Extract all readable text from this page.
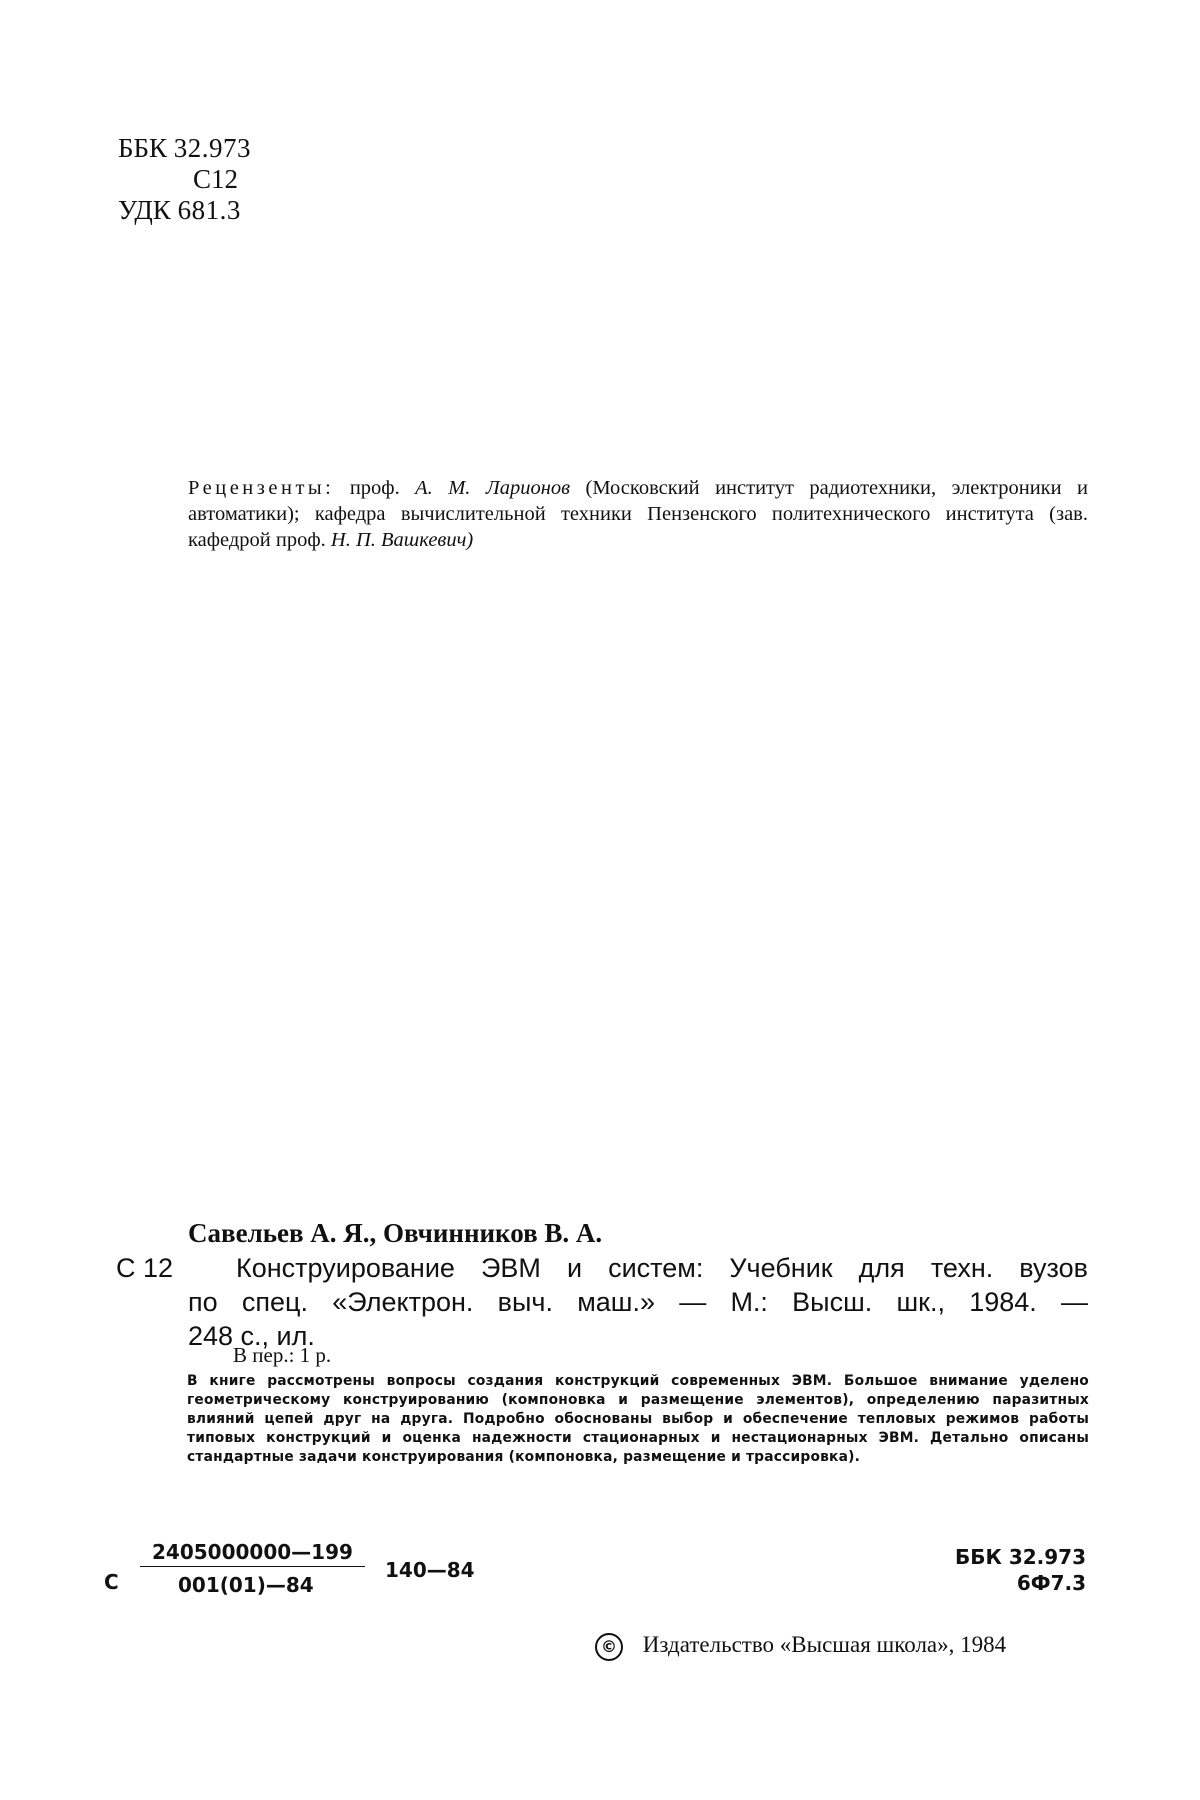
ББК 32.973
С12
УДК 681.3
Рецензенты: проф. А. М. Ларионов (Московский институт радиотехники, электроники и автоматики); кафедра вычислительной техники Пензенского политехнического института (зав. кафедрой проф. Н. П. Вашкевич)
Савельев А. Я., Овчинников В. А.
С 12 Конструирование ЭВМ и систем: Учебник для техн. вузов
по спец. «Электрон. выч. маш.» — М.: Высш. шк., 1984. —
248 с., ил.
В пер.: 1 р.
В книге рассмотрены вопросы создания конструкций современных ЭВМ. Большое внимание уделено геометрическому конструированию (компоновка и размещение элементов), определению паразитных влияний цепей друг на друга. Подробно обоснованы выбор и обеспечение тепловых режимов работы типовых конструкций и оценка надежности стационарных и нестационарных ЭВМ. Детально описаны стандартные задачи конструирования (компоновка, размещение и трассировка).
С
2405000000—199
001(01)—84
140—84
ББК 32.973
6Ф7.3
© Издательство «Высшая школа», 1984
